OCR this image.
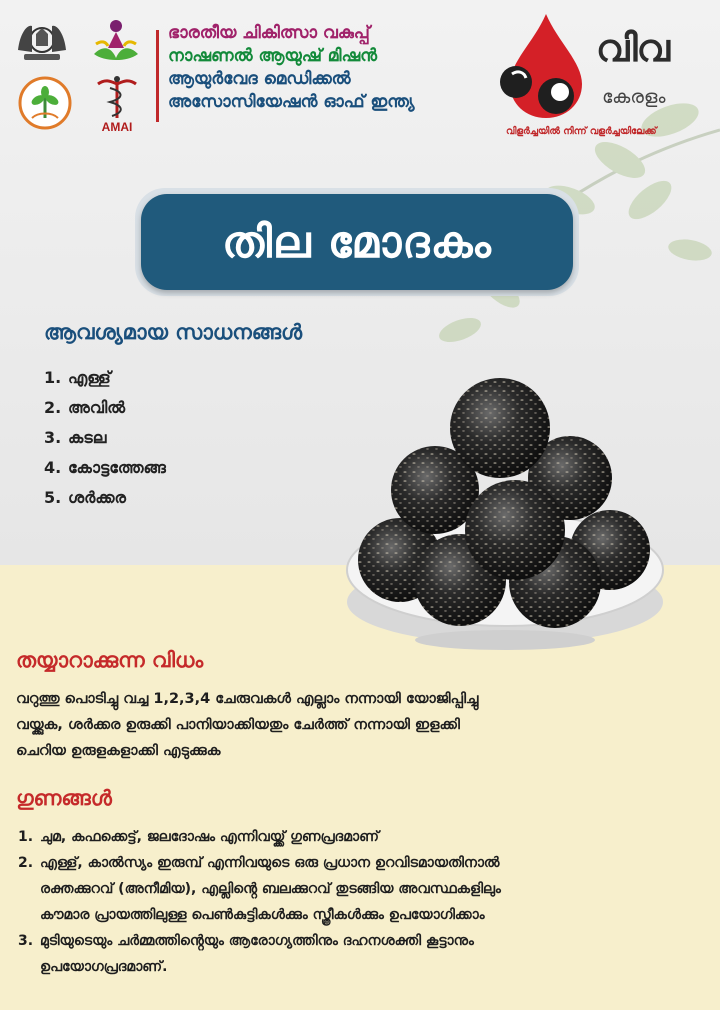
AMAI
ഭാരതീയ ചികിത്സാ വകുപ്പ്
നാഷണൽ ആയുഷ് മിഷൻ
ആയുർവേദ മെഡിക്കൽ
അസോസിയേഷൻ ഓഫ് ഇന്ത്യ
വിവ
കേരളം
വിളർച്ചയിൽ നിന്ന് വളർച്ചയിലേക്ക്
തില മോദകം
ആവശ്യമായ സാധനങ്ങൾ
1. എള്ള്
2. അവിൽ
3. കടല
4. കോട്ടത്തേങ്ങ
5. ശർക്കര
തയ്യാറാക്കുന്ന വിധം
വറുത്തു പൊടിച്ചു വച്ച 1,2,3,4 ചേരുവകൾ എല്ലാം നന്നായി യോജിപ്പിച്ചു
വയ്ക്കുക, ശർക്കര ഉരുക്കി പാനിയാക്കിയതും ചേർത്ത് നന്നായി ഇളക്കി
ചെറിയ ഉരുളകളാക്കി എടുക്കുക
ഗുണങ്ങൾ
1. ചുമ, കഫക്കെട്ട്, ജലദോഷം എന്നിവയ്ക്ക് ഗുണപ്രദമാണ്
2. എള്ള്, കാൽസ്യം ഇരുമ്പ് എന്നിവയുടെ ഒരു പ്രധാന ഉറവിടമായതിനാൽ
രക്തക്കുറവ് (അനീമിയ), എല്ലിൻ്റെ ബലക്കുറവ് തുടങ്ങിയ അവസ്ഥകളിലും
കൗമാര പ്രായത്തിലുള്ള പെൺകുട്ടികൾക്കും സ്ത്രീകൾക്കും ഉപയോഗിക്കാം
3. മുടിയുടെയും ചർമ്മത്തിൻ്റെയും ആരോഗ്യത്തിനും ദഹനശക്തി കൂട്ടാനും
ഉപയോഗപ്രദമാണ്.
